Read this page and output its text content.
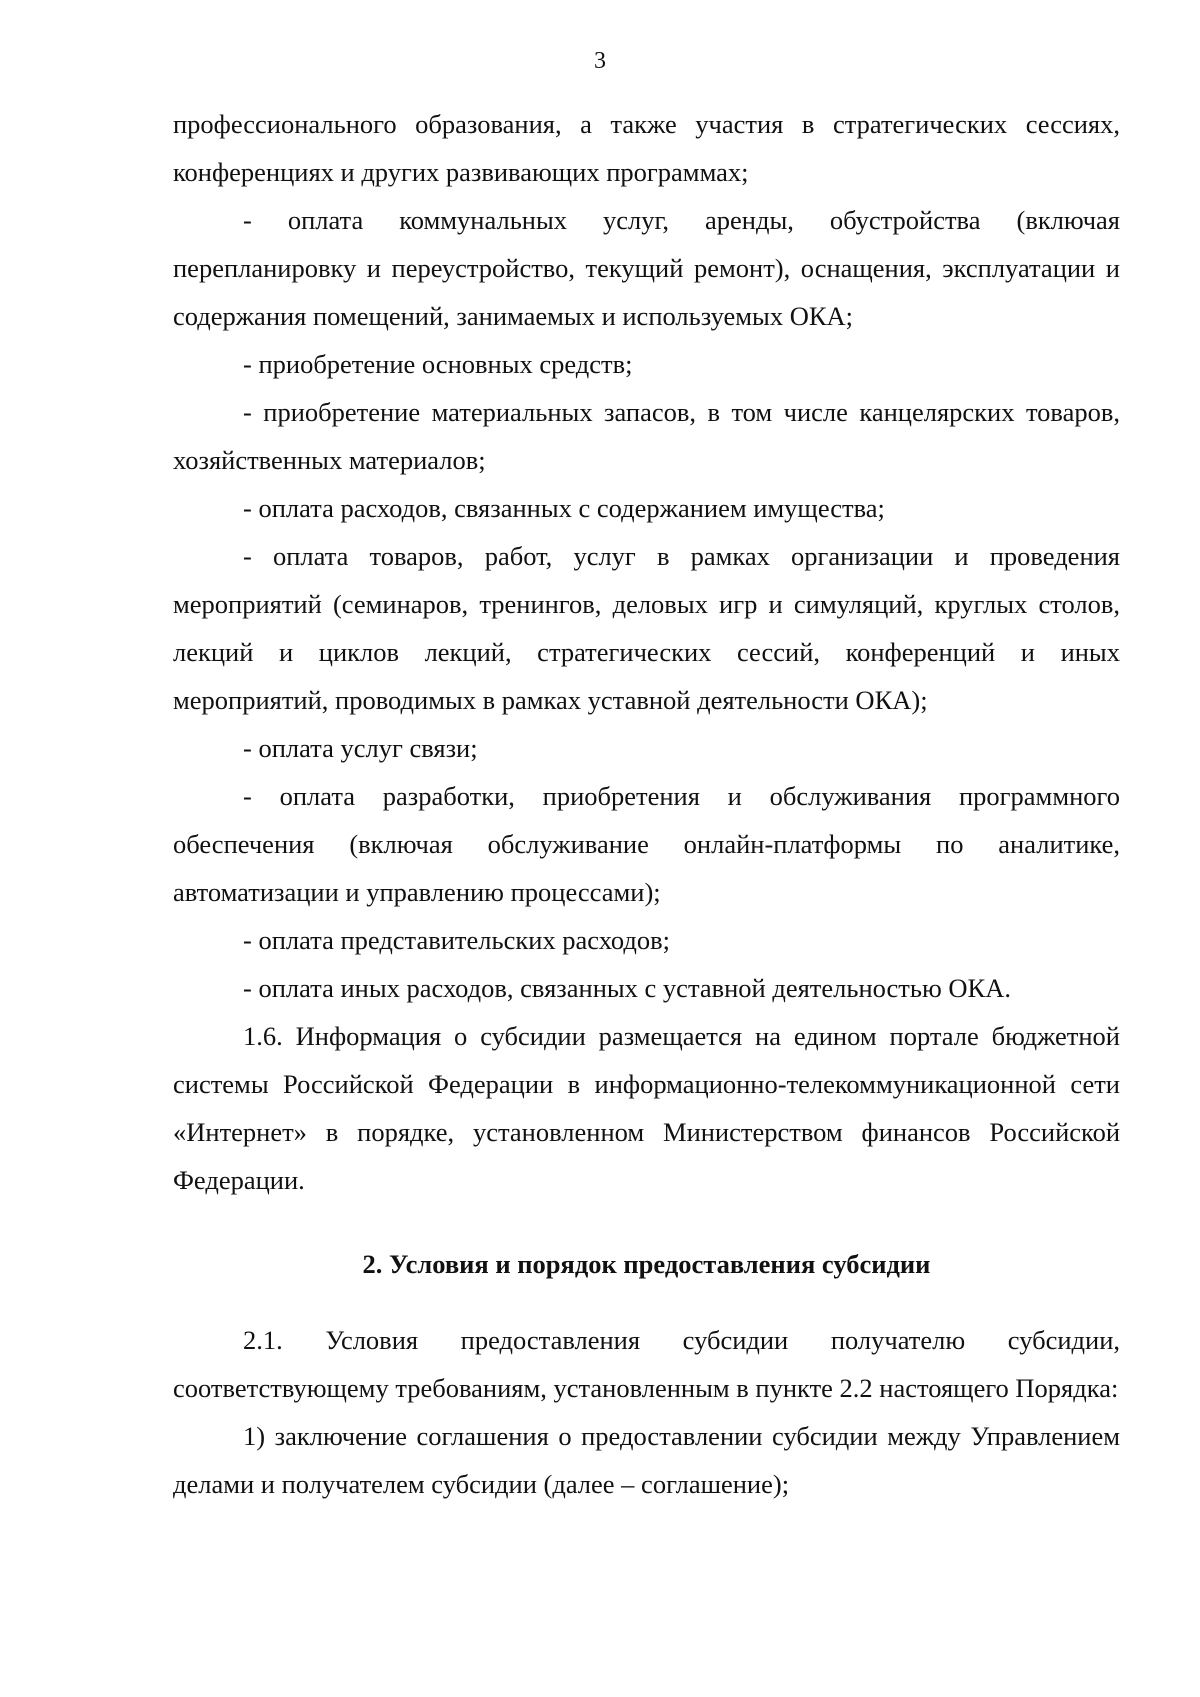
3

профессионального образования, а также участия в стратегических сессиях, конференциях и других развивающих программах;

- оплата коммунальных услуг, аренды, обустройства (включая перепланировку и переустройство, текущий ремонт), оснащения, эксплуатации и содержания помещений, занимаемых и используемых ОКА;

- приобретение основных средств;

- приобретение материальных запасов, в том числе канцелярских товаров, хозяйственных материалов;

- оплата расходов, связанных с содержанием имущества;

- оплата товаров, работ, услуг в рамках организации и проведения мероприятий (семинаров, тренингов, деловых игр и симуляций, круглых столов, лекций и циклов лекций, стратегических сессий, конференций и иных мероприятий, проводимых в рамках уставной деятельности ОКА);

- оплата услуг связи;

- оплата разработки, приобретения и обслуживания программного обеспечения (включая обслуживание онлайн-платформы по аналитике, автоматизации и управлению процессами);

- оплата представительских расходов;

- оплата иных расходов, связанных с уставной деятельностью ОКА.

1.6. Информация о субсидии размещается на едином портале бюджетной системы Российской Федерации в информационно-телекоммуникационной сети «Интернет» в порядке, установленном Министерством финансов Российской Федерации.

2. Условия и порядок предоставления субсидии

2.1. Условия предоставления субсидии получателю субсидии, соответствующему требованиям, установленным в пункте 2.2 настоящего Порядка:

1) заключение соглашения о предоставлении субсидии между Управлением делами и получателем субсидии (далее – соглашение);
